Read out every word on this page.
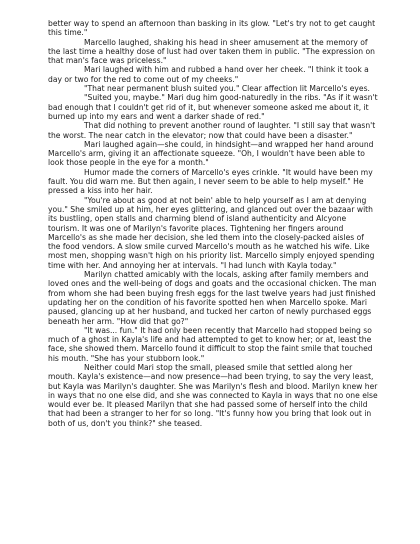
better way to spend an afternoon than basking in its glow. "Let's try not to get caught this time."

Marcello laughed, shaking his head in sheer amusement at the memory of the last time a healthy dose of lust had over taken them in public. "The expression on that man's face was priceless."

Mari laughed with him and rubbed a hand over her cheek. "I think it took a day or two for the red to come out of my cheeks."

"That near permanent blush suited you." Clear affection lit Marcello's eyes.

"Suited you, maybe." Mari dug him good-naturedly in the ribs. "As if it wasn't bad enough that I couldn't get rid of it, but whenever someone asked me about it, it burned up into my ears and went a darker shade of red."

That did nothing to prevent another round of laughter. "I still say that wasn't the worst. The near catch in the elevator; now that could have been a disaster."

Mari laughed again—she could, in hindsight—and wrapped her hand around Marcello's arm, giving it an affectionate squeeze. "Oh, I wouldn't have been able to look those people in the eye for a month."

Humor made the corners of Marcello's eyes crinkle. "It would have been my fault. You did warn me. But then again, I never seem to be able to help myself." He pressed a kiss into her hair.

"You're about as good at not bein' able to help yourself as I am at denying you." She smiled up at him, her eyes glittering, and glanced out over the bazaar with its bustling, open stalls and charming blend of island authenticity and Alcyone tourism. It was one of Marilyn's favorite places. Tightening her fingers around Marcello's as she made her decision, she led them into the closely-packed aisles of the food vendors. A slow smile curved Marcello's mouth as he watched his wife. Like most men, shopping wasn't high on his priority list. Marcello simply enjoyed spending time with her. And annoying her at intervals. "I had lunch with Kayla today."

Marilyn chatted amicably with the locals, asking after family members and loved ones and the well-being of dogs and goats and the occasional chicken. The man from whom she had been buying fresh eggs for the last twelve years had just finished updating her on the condition of his favorite spotted hen when Marcello spoke. Mari paused, glancing up at her husband, and tucked her carton of newly purchased eggs beneath her arm. "How did that go?"

"It was... fun." It had only been recently that Marcello had stopped being so much of a ghost in Kayla's life and had attempted to get to know her; or at, least the face, she showed them. Marcello found it difficult to stop the faint smile that touched his mouth. "She has your stubborn look."

Neither could Mari stop the small, pleased smile that settled along her mouth. Kayla's existence—and now presence—had been trying, to say the very least, but Kayla was Marilyn's daughter. She was Marilyn's flesh and blood. Marilyn knew her in ways that no one else did, and she was connected to Kayla in ways that no one else would ever be. It pleased Marilyn that she had passed some of herself into the child that had been a stranger to her for so long. "It's funny how you bring that look out in both of us, don't you think?" she teased.
